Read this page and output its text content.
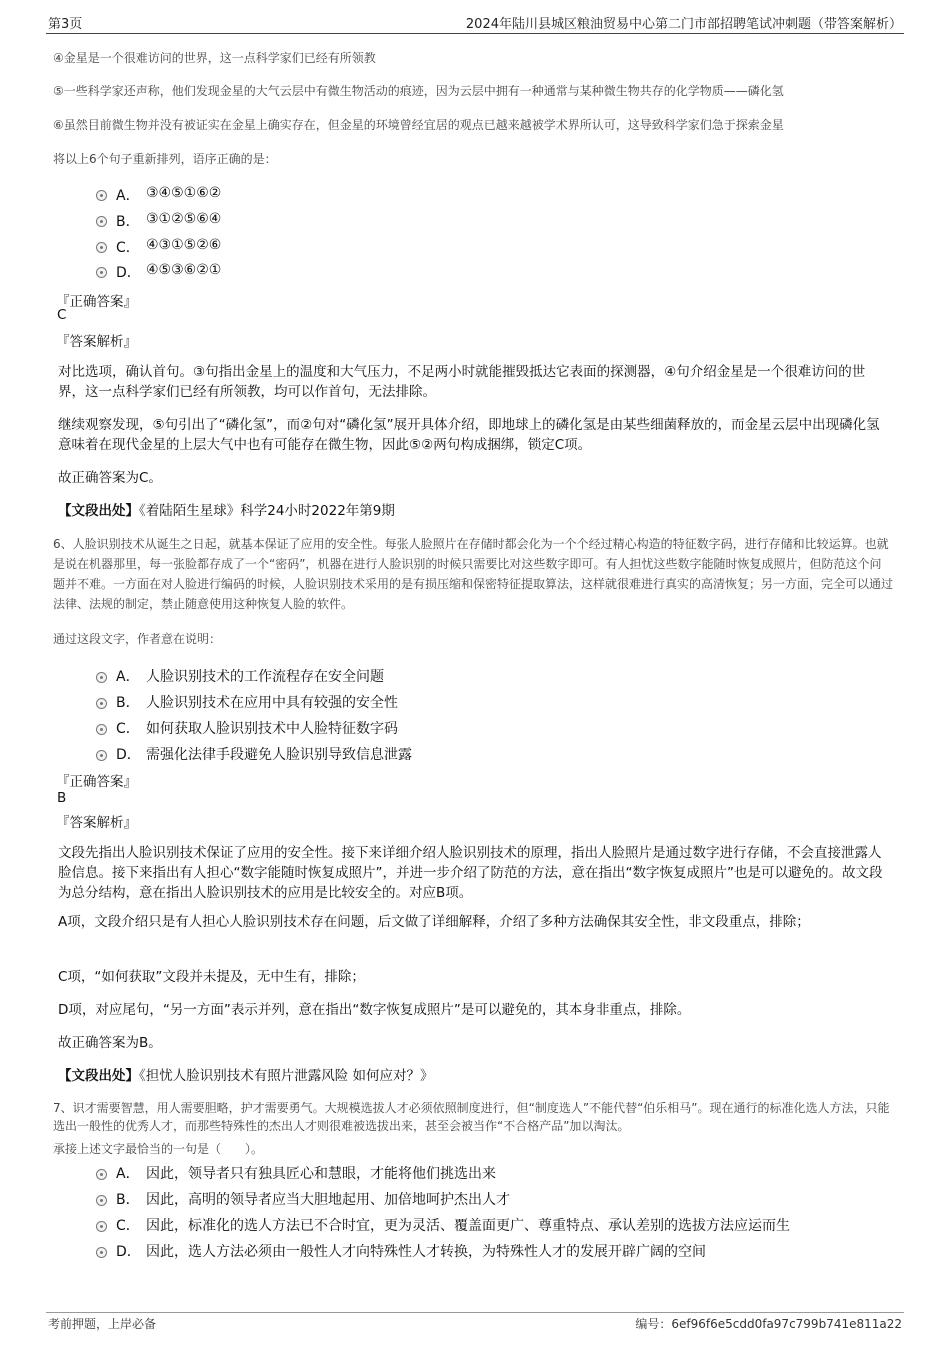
第3页	2024年陆川县城区粮油贸易中心第二门市部招聘笔试冲刺题（带答案解析）
④金星是一个很难访问的世界，这一点科学家们已经有所领教
⑤一些科学家还声称，他们发现金星的大气云层中有微生物活动的痕迹，因为云层中拥有一种通常与某种微生物共存的化学物质——磷化氢
⑥虽然目前微生物并没有被证实在金星上确实存在，但金星的环境曾经宜居的观点已越来越被学术界所认可，这导致科学家们急于探索金星
将以上6个句子重新排列，语序正确的是：
A． ③④⑤①⑥②
B． ③①②⑤⑥④
C． ④③①⑤②⑥
D． ④⑤③⑥②①
『正确答案』
C
『答案解析』
对比选项，确认首句。③句指出金星上的温度和大气压力，不足两小时就能摧毁抵达它表面的探测器，④句介绍金星是一个很难访问的世界，这一点科学家们已经有所领教，均可以作首句，无法排除。
继续观察发现，⑤句引出了“磷化氢”，而②句对“磷化氢”展开具体介绍，即地球上的磷化氢是由某些细菌释放的，而金星云层中出现磷化氢意味着在现代金星的上层大气中也有可能存在微生物，因此⑤②两句构成捆绑，锁定C项。
故正确答案为C。
【文段出处】《着陆陌生星球》科学24小时2022年第9期
6、人脸识别技术从诞生之日起，就基本保证了应用的安全性。每张人脸照片在存储时都会化为一个个经过精心构造的特征数字码，进行存储和比较运算。也就是说在机器那里，每一张脸都存成了一个“密码”，机器在进行人脸识别的时候只需要比对这些数字即可。有人担忧这些数字能随时恢复成照片，但防范这个问题并不难。一方面在对人脸进行编码的时候，人脸识别技术采用的是有损压缩和保密特征提取算法，这样就很难进行真实的高清恢复；另一方面，完全可以通过法律、法规的制定，禁止随意使用这种恢复人脸的软件。
通过这段文字，作者意在说明：
A． 人脸识别技术的工作流程存在安全问题
B． 人脸识别技术在应用中具有较强的安全性
C． 如何获取人脸识别技术中人脸特征数字码
D． 需强化法律手段避免人脸识别导致信息泄露
『正确答案』
B
『答案解析』
文段先指出人脸识别技术保证了应用的安全性。接下来详细介绍人脸识别技术的原理，指出人脸照片是通过数字进行存储，不会直接泄露人脸信息。接下来指出有人担心“数字能随时恢复成照片”，并进一步介绍了防范的方法，意在指出“数字恢复成照片”也是可以避免的。故文段为总分结构，意在指出人脸识别技术的应用是比较安全的。对应B项。
A项，文段介绍只是有人担心人脸识别技术存在问题，后文做了详细解释，介绍了多种方法确保其安全性，非文段重点，排除；
C项，“如何获取”文段并未提及，无中生有，排除；
D项，对应尾句，“另一方面”表示并列，意在指出“数字恢复成照片”是可以避免的，其本身非重点，排除。
故正确答案为B。
【文段出处】《担忧人脸识别技术有照片泄露风险 如何应对？》
7、识才需要智慧，用人需要胆略，护才需要勇气。大规模选拔人才必须依照制度进行，但“制度选人”不能代替“伯乐相马”。现在通行的标准化选人方法，只能选出一般性的优秀人才，而那些特殊性的杰出人才则很难被选拔出来，甚至会被当作“不合格产品”加以淘汰。
承接上述文字最恰当的一句是（　　）。
A． 因此，领导者只有独具匠心和慧眼，才能将他们挑选出来
B． 因此，高明的领导者应当大胆地起用、加倍地呵护杰出人才
C． 因此，标准化的选人方法已不合时宜，更为灵活、覆盖面更广、尊重特点、承认差别的选拔方法应运而生
D． 因此，选人方法必须由一般性人才向特殊性人才转换，为特殊性人才的发展开辟广阔的空间
考前押题，上岸必备	编号：6ef96f6e5cdd0fa97c799b741e811a22
